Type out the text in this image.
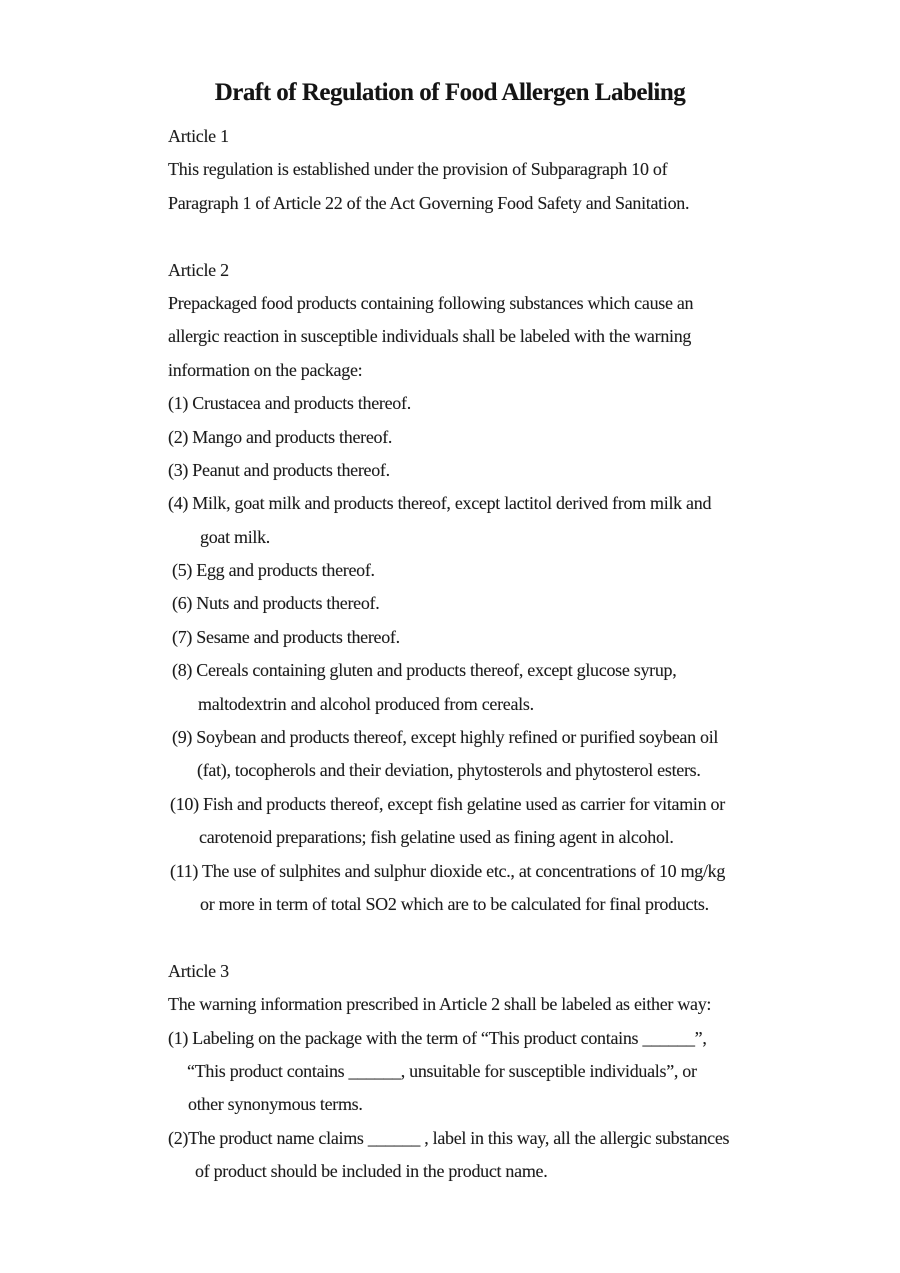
Draft of Regulation of Food Allergen Labeling
Article 1
This regulation is established under the provision of Subparagraph 10 of
Paragraph 1 of Article 22 of the Act Governing Food Safety and Sanitation.
Article 2
Prepackaged food products containing following substances which cause an
allergic reaction in susceptible individuals shall be labeled with the warning
information on the package:
(1) Crustacea and products thereof.
(2) Mango and products thereof.
(3) Peanut and products thereof.
(4) Milk, goat milk and products thereof, except lactitol derived from milk and
goat milk.
(5) Egg and products thereof.
(6) Nuts and products thereof.
(7) Sesame and products thereof.
(8) Cereals containing gluten and products thereof, except glucose syrup,
maltodextrin and alcohol produced from cereals.
(9) Soybean and products thereof, except highly refined or purified soybean oil
(fat), tocopherols and their deviation, phytosterols and phytosterol esters.
(10) Fish and products thereof, except fish gelatine used as carrier for vitamin or
carotenoid preparations; fish gelatine used as fining agent in alcohol.
(11) The use of sulphites and sulphur dioxide etc., at concentrations of 10 mg/kg
or more in term of total SO2 which are to be calculated for final products.
Article 3
The warning information prescribed in Article 2 shall be labeled as either way:
(1) Labeling on the package with the term of “This product contains ______”,
“This product contains ______, unsuitable for susceptible individuals”, or
other synonymous terms.
(2)The product name claims ______ , label in this way, all the allergic substances
of product should be included in the product name.
